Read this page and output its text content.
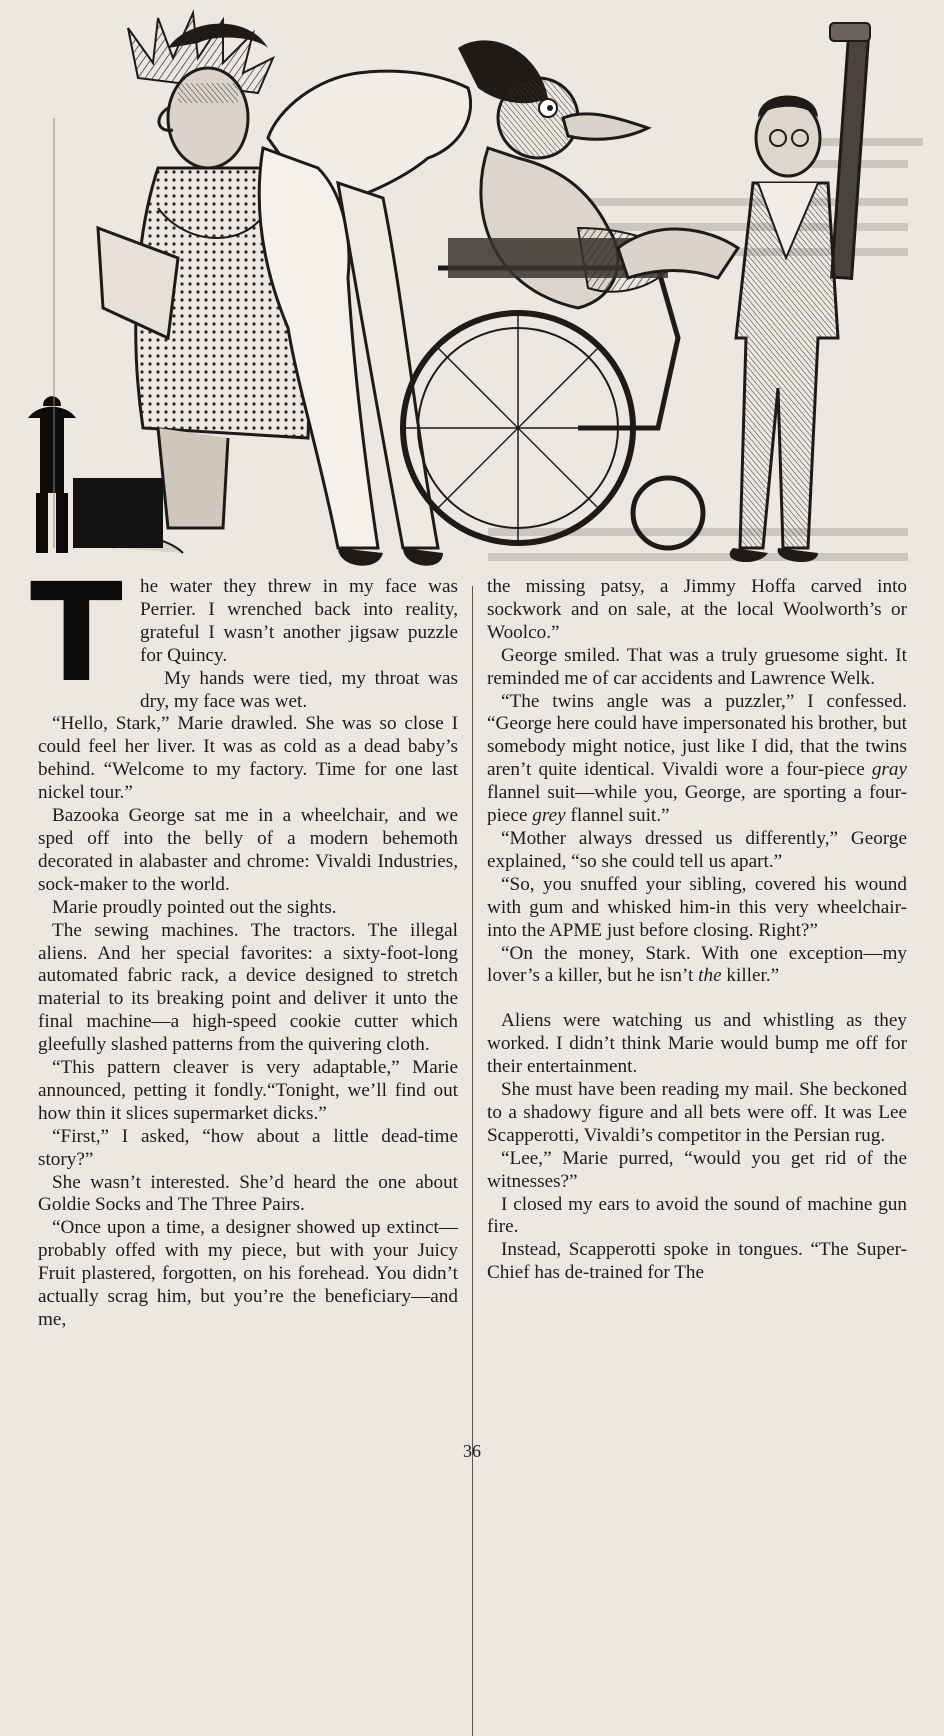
T he water they threw in my face was Perrier. I wrenched back into reality, grateful I wasn’t another jigsaw puzzle for Quincy.

My hands were tied, my throat was dry, my face was wet.

“Hello, Stark,” Marie drawled. She was so close I could feel her liver. It was as cold as a dead baby’s behind. “Welcome to my factory. Time for one last nickel tour.”

Bazooka George sat me in a wheelchair, and we sped off into the belly of a modern behemoth decorated in alabaster and chrome: Vivaldi Industries, sock-maker to the world.

Marie proudly pointed out the sights.

The sewing machines. The tractors. The illegal aliens. And her special favorites: a sixty-foot-long automated fabric rack, a device designed to stretch material to its breaking point and deliver it unto the final machine—a high-speed cookie cutter which gleefully slashed patterns from the quivering cloth.

“This pattern cleaver is very adaptable,” Marie announced, petting it fondly.“Tonight, we’ll find out how thin it slices supermarket dicks.”

“First,” I asked, “how about a little dead-time story?”

She wasn’t interested. She’d heard the one about Goldie Socks and The Three Pairs.

“Once upon a time, a designer showed up extinct—probably offed with my piece, but with your Juicy Fruit plastered, forgotten, on his forehead. You didn’t actually scrag him, but you’re the beneficiary—and me,

the missing patsy, a Jimmy Hoffa carved into sockwork and on sale, at the local Woolworth’s or Woolco.”

George smiled. That was a truly gruesome sight. It reminded me of car accidents and Lawrence Welk.

“The twins angle was a puzzler,” I confessed. “George here could have impersonated his brother, but somebody might notice, just like I did, that the twins aren’t quite identical. Vivaldi wore a four-piece gray flannel suit—while you, George, are sporting a four-piece grey flannel suit.”

“Mother always dressed us differently,” George explained, “so she could tell us apart.”

“So, you snuffed your sibling, covered his wound with gum and whisked him-in this very wheelchair-into the APME just before closing. Right?”

“On the money, Stark. With one exception—my lover’s a killer, but he isn’t the killer.”

Aliens were watching us and whistling as they worked. I didn’t think Marie would bump me off for their entertainment.

She must have been reading my mail. She beckoned to a shadowy figure and all bets were off. It was Lee Scapperotti, Vivaldi’s competitor in the Persian rug.

“Lee,” Marie purred, “would you get rid of the witnesses?”

I closed my ears to avoid the sound of machine gun fire.

Instead, Scapperotti spoke in tongues. “The Super-Chief has de-trained for The

36
